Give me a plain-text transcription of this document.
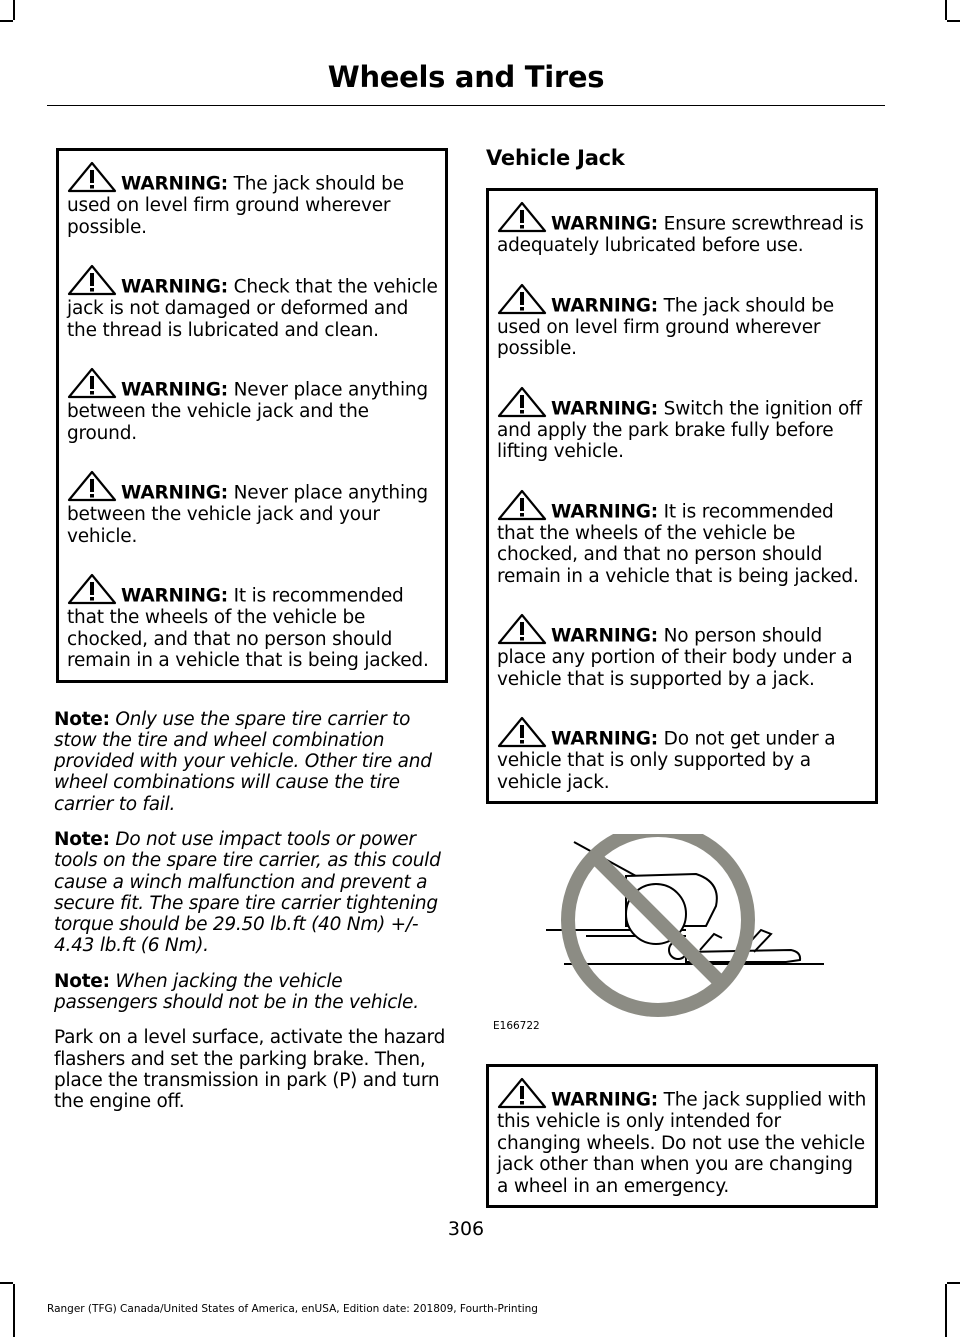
Wheels and Tires
WARNING: The jack should be used on level firm ground wherever possible.
WARNING: Check that the vehicle jack is not damaged or deformed and the thread is lubricated and clean.
WARNING: Never place anything between the vehicle jack and the ground.
WARNING: Never place anything between the vehicle jack and your vehicle.
WARNING: It is recommended that the wheels of the vehicle be chocked, and that no person should remain in a vehicle that is being jacked.

Note: Only use the spare tire carrier to stow the tire and wheel combination provided with your vehicle. Other tire and wheel combinations will cause the tire carrier to fail.

Note: Do not use impact tools or power tools on the spare tire carrier, as this could cause a winch malfunction and prevent a secure fit. The spare tire carrier tightening torque should be 29.50 lb.ft (40 Nm) +/- 4.43 lb.ft (6 Nm).

Note: When jacking the vehicle passengers should not be in the vehicle.

Park on a level surface, activate the hazard flashers and set the parking brake. Then, place the transmission in park (P) and turn the engine off.

Vehicle Jack
WARNING: Ensure screwthread is adequately lubricated before use.
WARNING: The jack should be used on level firm ground wherever possible.
WARNING: Switch the ignition off and apply the park brake fully before lifting vehicle.
WARNING: It is recommended that the wheels of the vehicle be chocked, and that no person should remain in a vehicle that is being jacked.
WARNING: No person should place any portion of their body under a vehicle that is supported by a jack.
WARNING: Do not get under a vehicle that is only supported by a vehicle jack.
E166722
WARNING: The jack supplied with this vehicle is only intended for changing wheels. Do not use the vehicle jack other than when you are changing a wheel in an emergency.
306
Ranger (TFG) Canada/United States of America, enUSA, Edition date: 201809, Fourth-Printing
